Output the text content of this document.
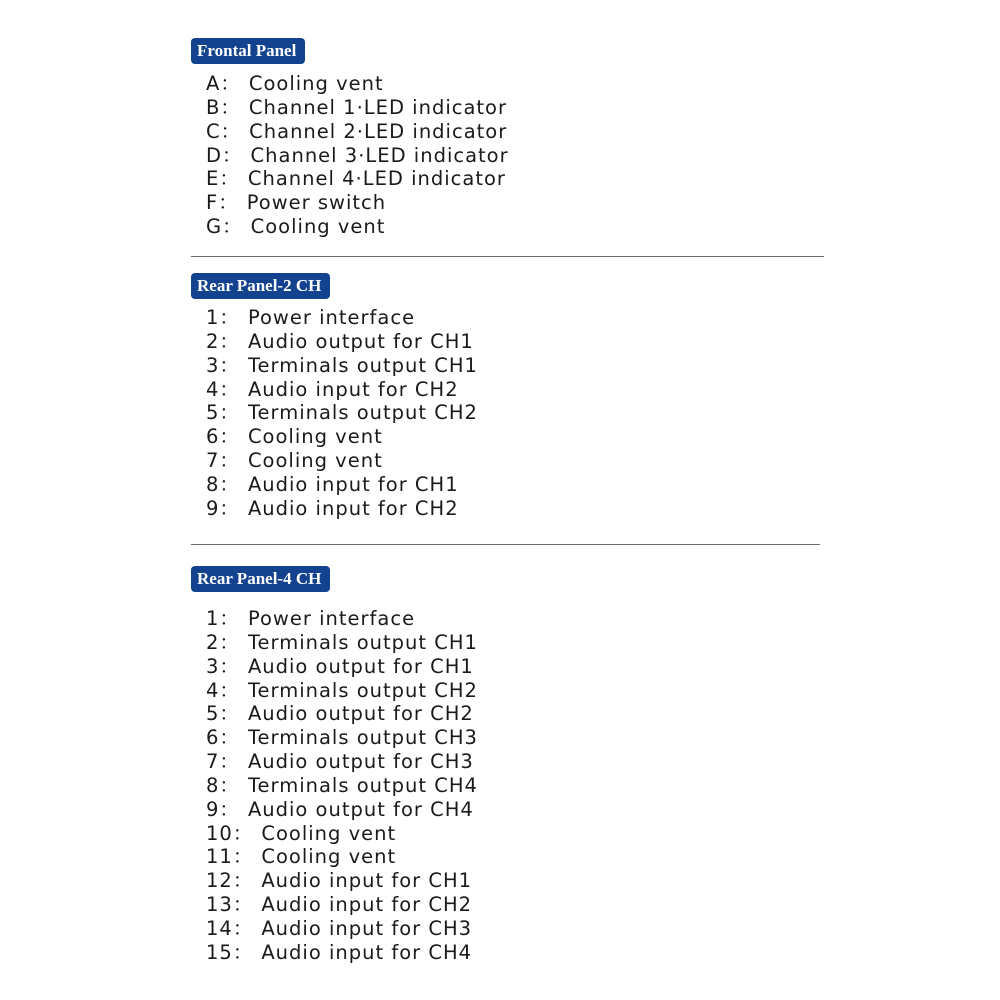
Frontal Panel
A： Cooling vent
B： Channel 1·LED indicator
C： Channel 2·LED indicator
D： Channel 3·LED indicator
E： Channel 4·LED indicator
F： Power switch
G： Cooling vent
Rear Panel-2 CH
1： Power interface
2： Audio output for CH1
3： Terminals output CH1
4： Audio input for CH2
5： Terminals output CH2
6： Cooling vent
7： Cooling vent
8： Audio input for CH1
9： Audio input for CH2
Rear Panel-4 CH
1： Power interface
2： Terminals output CH1
3： Audio output for CH1
4： Terminals output CH2
5： Audio output for CH2
6： Terminals output CH3
7： Audio output for CH3
8： Terminals output CH4
9： Audio output for CH4
10： Cooling vent
11： Cooling vent
12： Audio input for CH1
13： Audio input for CH2
14： Audio input for CH3
15： Audio input for CH4
